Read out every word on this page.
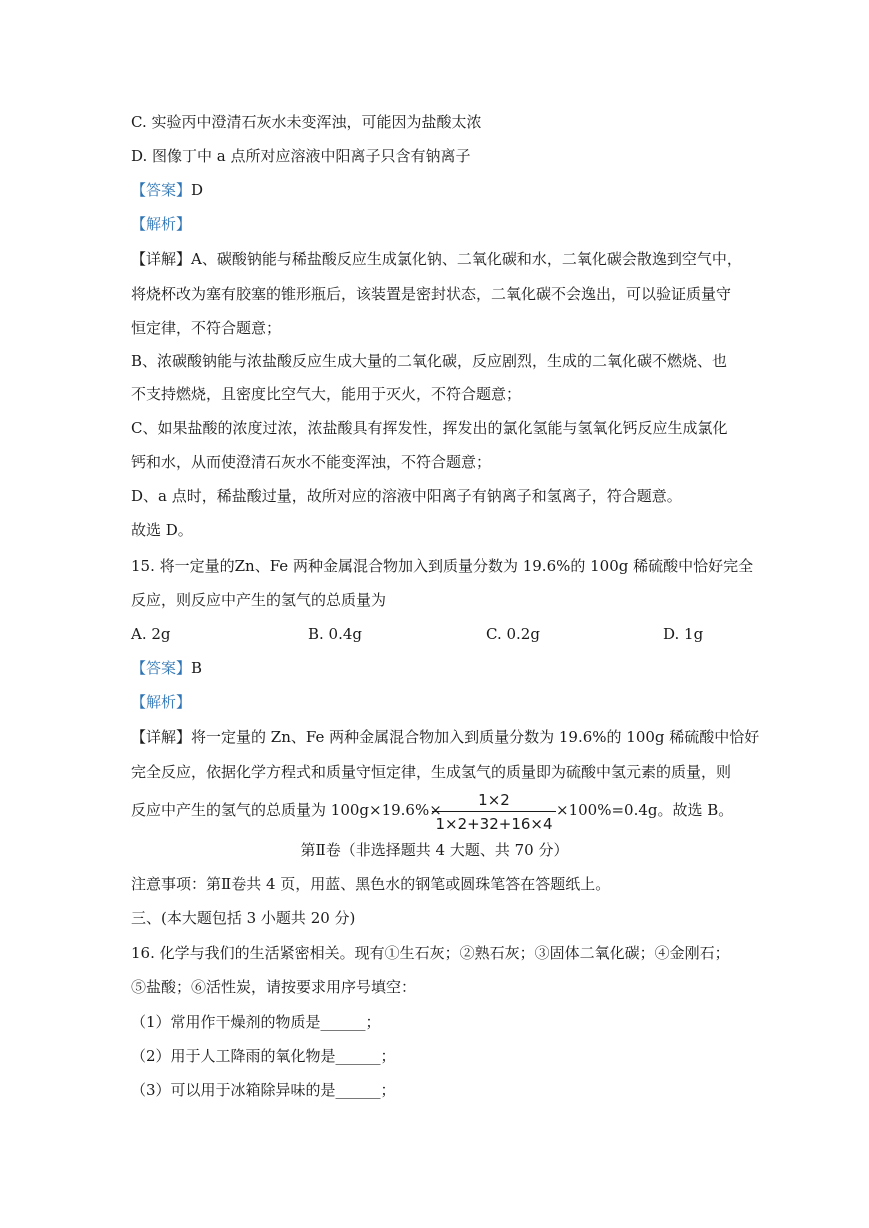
C. 实验丙中澄清石灰水未变浑浊，可能因为盐酸太浓
D. 图像丁中 a 点所对应溶液中阳离子只含有钠离子
【答案】D
【解析】
【详解】A、碳酸钠能与稀盐酸反应生成氯化钠、二氧化碳和水，二氧化碳会散逸到空气中，
将烧杯改为塞有胶塞的锥形瓶后，该装置是密封状态，二氧化碳不会逸出，可以验证质量守
恒定律，不符合题意；
B、浓碳酸钠能与浓盐酸反应生成大量的二氧化碳，反应剧烈，生成的二氧化碳不燃烧、也
不支持燃烧，且密度比空气大，能用于灭火，不符合题意；
C、如果盐酸的浓度过浓，浓盐酸具有挥发性，挥发出的氯化氢能与氢氧化钙反应生成氯化
钙和水，从而使澄清石灰水不能变浑浊，不符合题意；
D、a 点时，稀盐酸过量，故所对应的溶液中阳离子有钠离子和氢离子，符合题意。
故选 D。
15. 将一定量的Zn、Fe 两种金属混合物加入到质量分数为 19.6%的 100g 稀硫酸中恰好完全
反应，则反应中产生的氢气的总质量为
A. 2g	B. 0.4g	C. 0.2g	D. 1g
【答案】B
【解析】
【详解】将一定量的 Zn、Fe 两种金属混合物加入到质量分数为 19.6%的 100g 稀硫酸中恰好
完全反应，依据化学方程式和质量守恒定律，生成氢气的质量即为硫酸中氢元素的质量，则
反应中产生的氢气的总质量为 100g×19.6%×
1×2
1×2+32+16×4
×100%=0.4g。故选 B。
第Ⅱ卷（非选择题共 4 大题、共 70 分）
注意事项：第Ⅱ卷共 4 页，用蓝、黑色水的钢笔或圆珠笔答在答题纸上。
三、(本大题包括 3 小题共 20 分)
16. 化学与我们的生活紧密相关。现有①生石灰；②熟石灰；③固体二氧化碳；④金刚石；
⑤盐酸；⑥活性炭，请按要求用序号填空：
（1）常用作干燥剂的物质是______；
（2）用于人工降雨的氧化物是______；
（3）可以用于冰箱除异味的是______；
